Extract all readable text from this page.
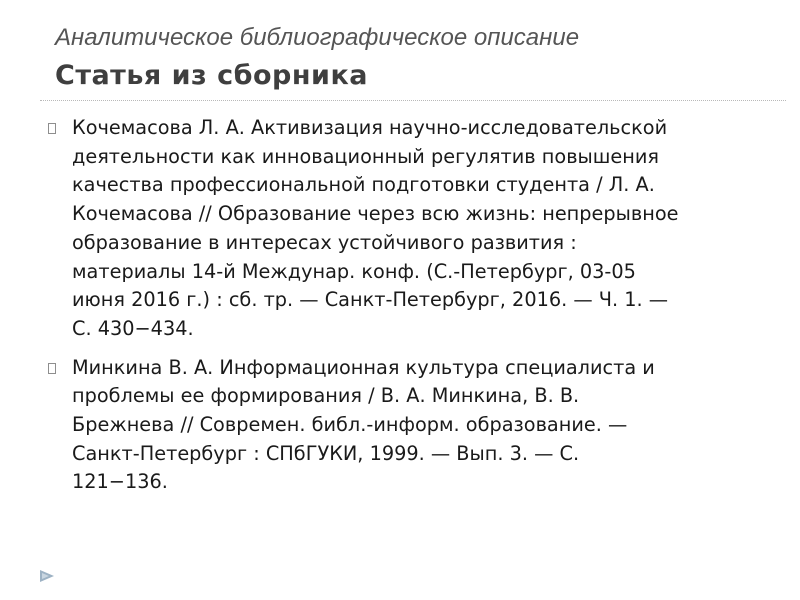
Аналитическое библиографическое описание
Статья из сборника
Кочемасова Л. А. Активизация научно-исследовательской
деятельности как инновационный регулятив повышения
качества профессиональной подготовки студента / Л. А.
Кочемасова // Образование через всю жизнь: непрерывное
образование в интересах устойчивого развития :
материалы 14-й Междунар. конф. (С.-Петербург, 03-05
июня 2016 г.) : сб. тр. — Санкт-Петербург, 2016. — Ч. 1. —
С. 430−434.
Минкина В. А. Информационная культура специалиста и
проблемы ее формирования / В. А. Минкина, В. В.
Брежнева // Современ. библ.-информ. образование. —
Санкт-Петербург : СПбГУКИ, 1999. — Вып. 3. — С.
121−136.
